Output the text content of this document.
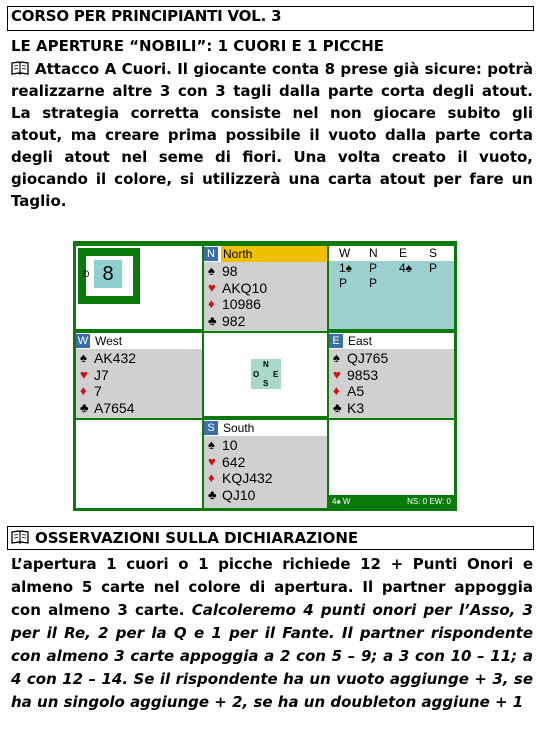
CORSO PER PRINCIPIANTI VOL. 3
LE APERTURE “NOBILI”: 1 CUORI E 1 PICCHE
Attacco A Cuori. Il giocante conta 8 prese già sicure: potrà realizzarne altre 3 con 3 tagli dalla parte corta degli atout. La strategia corretta consiste nel non giocare subito gli atout, ma creare prima possibile il vuoto dalla parte corta degli atout nel seme di fiori. Una volta creato il vuoto, giocando il colore, si utilizzerà una carta atout per fare un Taglio.
D 8
N North
♠ 98
♥ AKQ10
♦ 10986
♣ 982
W	N	E	S
1♠	P	4♠	P
P	P
W West
♠ AK432
♥ J7
♦ 7
♣ A7654
N
O E
S
E East
♠ QJ765
♥ 9853
♦ A5
♣ K3
S South
♠ 10
♥ 642
♦ KQJ432
♣ QJ10	4♠ W	NS: 0 EW: 0
OSSERVAZIONI SULLA DICHIARAZIONE
L’apertura 1 cuori o 1 picche richiede 12 + Punti Onori e almeno 5 carte nel colore di apertura. Il partner appoggia con almeno 3 carte. Calcoleremo 4 punti onori per l’Asso, 3 per il Re, 2 per la Q e 1 per il Fante. Il partner rispondente con almeno 3 carte appoggia a 2 con 5 – 9; a 3 con 10 – 11; a 4 con 12 – 14. Se il rispondente ha un vuoto aggiunge + 3, se ha un singolo aggiunge + 2, se ha un doubleton aggiune + 1
